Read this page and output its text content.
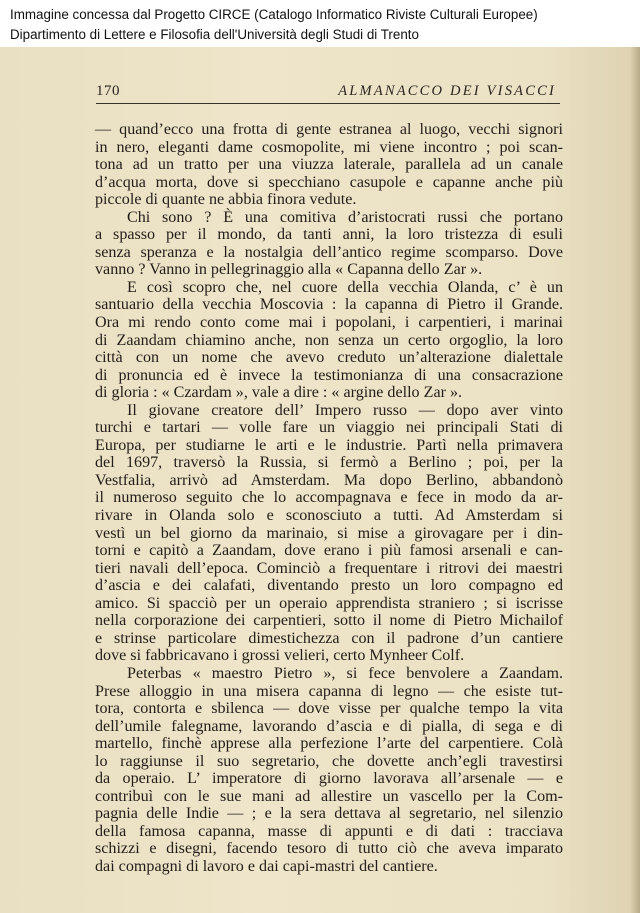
Immagine concessa dal Progetto CIRCE (Catalogo Informatico Riviste Culturali Europee)
Dipartimento di Lettere e Filosofia dell'Università degli Studi di Trento
170	ALMANACCO DEI VISACCI
— quand’ecco una frotta di gente estranea al luogo, vecchi signori
in nero, eleganti dame cosmopolite, mi viene incontro ; poi scan-
tona ad un tratto per una viuzza laterale, parallela ad un canale
d’acqua morta, dove si specchiano casupole e capanne anche più
piccole di quante ne abbia finora vedute.
Chi sono ? È una comitiva d’aristocrati russi che portano
a spasso per il mondo, da tanti anni, la loro tristezza di esuli
senza speranza e la nostalgia dell’antico regime scomparso. Dove
vanno ? Vanno in pellegrinaggio alla « Capanna dello Zar ».
E così scopro che, nel cuore della vecchia Olanda, c’ è un
santuario della vecchia Moscovia : la capanna di Pietro il Grande.
Ora mi rendo conto come mai i popolani, i carpentieri, i marinai
di Zaandam chiamino anche, non senza un certo orgoglio, la loro
città con un nome che avevo creduto un’alterazione dialettale
di pronuncia ed è invece la testimonianza di una consacrazione
di gloria : « Czardam », vale a dire : « argine dello Zar ».
Il giovane creatore dell’ Impero russo — dopo aver vinto
turchi e tartari — volle fare un viaggio nei principali Stati di
Europa, per studiarne le arti e le industrie. Partì nella primavera
del 1697, traversò la Russia, si fermò a Berlino ; poi, per la
Vestfalia, arrivò ad Amsterdam. Ma dopo Berlino, abbandonò
il numeroso seguito che lo accompagnava e fece in modo da ar-
rivare in Olanda solo e sconosciuto a tutti. Ad Amsterdam si
vestì un bel giorno da marinaio, si mise a girovagare per i din-
torni e capitò a Zaandam, dove erano i più famosi arsenali e can-
tieri navali dell’epoca. Cominciò a frequentare i ritrovi dei maestri
d’ascia e dei calafati, diventando presto un loro compagno ed
amico. Si spacciò per un operaio apprendista straniero ; si iscrisse
nella corporazione dei carpentieri, sotto il nome di Pietro Michailof
e strinse particolare dimestichezza con il padrone d’un cantiere
dove si fabbricavano i grossi velieri, certo Mynheer Colf.
Peterbas « maestro Pietro », si fece benvolere a Zaandam.
Prese alloggio in una misera capanna di legno — che esiste tut-
tora, contorta e sbilenca — dove visse per qualche tempo la vita
dell’umile falegname, lavorando d’ascia e di pialla, di sega e di
martello, finchè apprese alla perfezione l’arte del carpentiere. Colà
lo raggiunse il suo segretario, che dovette anch’egli travestirsi
da operaio. L’ imperatore di giorno lavorava all’arsenale — e
contribuì con le sue mani ad allestire un vascello per la Com-
pagnia delle Indie — ; e la sera dettava al segretario, nel silenzio
della famosa capanna, masse di appunti e di dati : tracciava
schizzi e disegni, facendo tesoro di tutto ciò che aveva imparato
dai compagni di lavoro e dai capi-mastri del cantiere.
